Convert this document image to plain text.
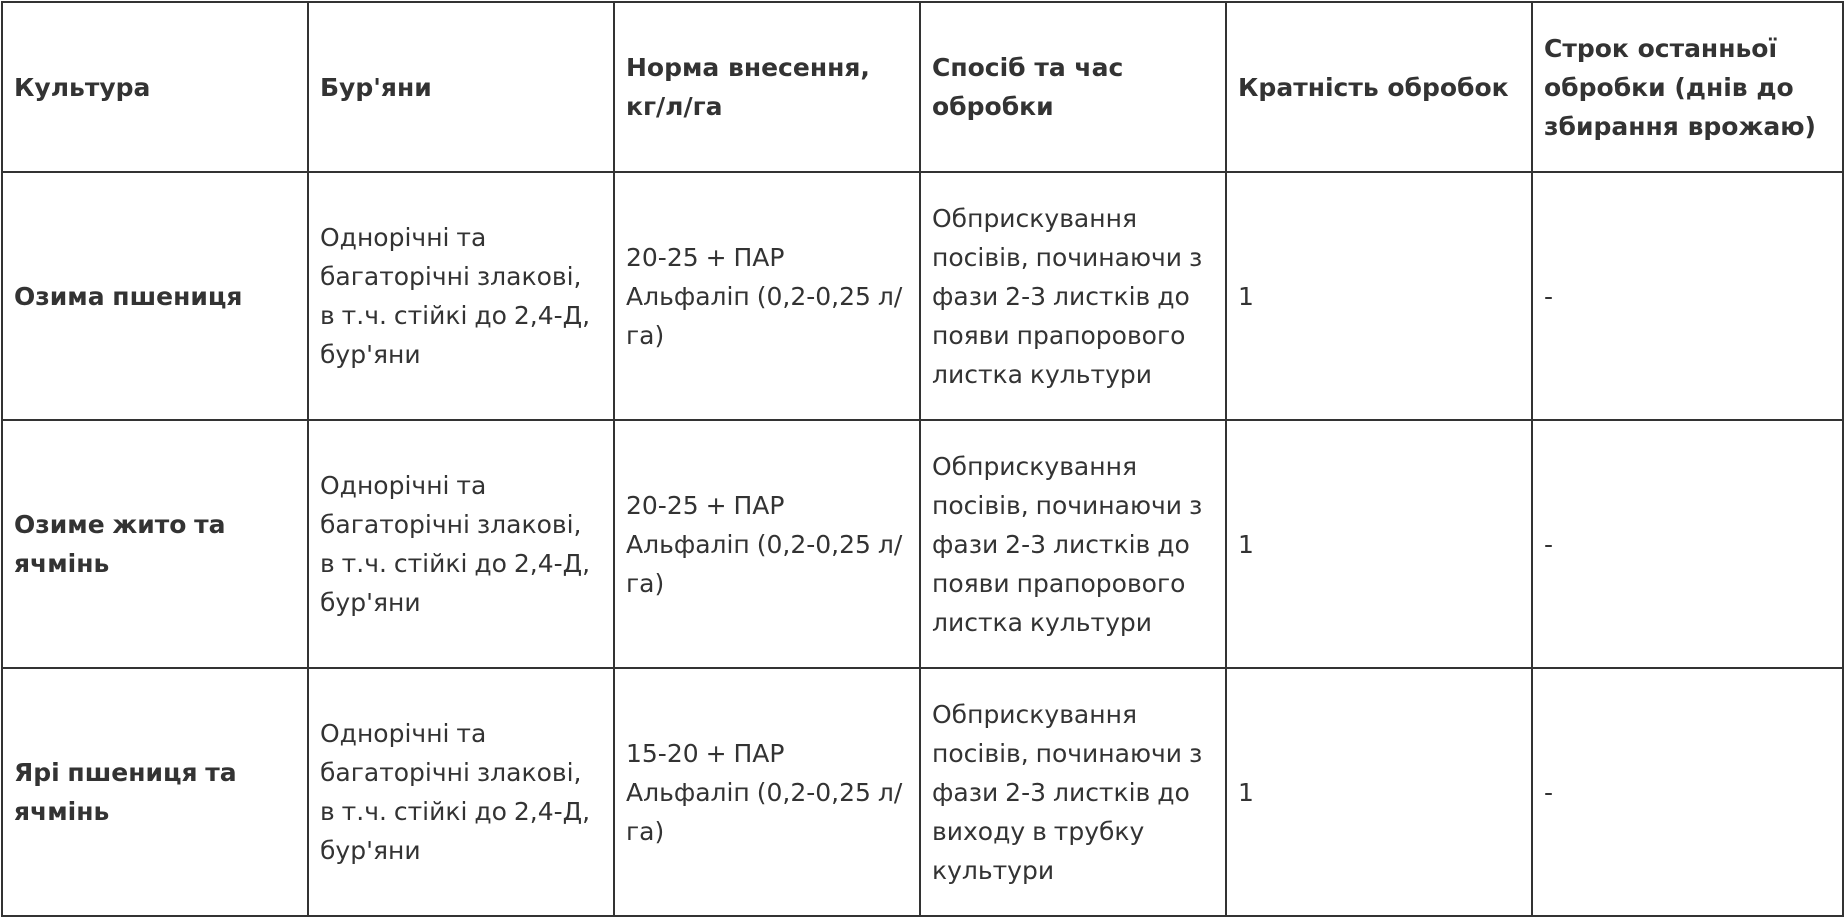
Культура	Бур'яни	Норма внесення, кг/л/га	Спосіб та час обробки	Кратність обробок	Строк останньої обробки (днів до збирання врожаю)
Озима пшениця	Однорічні та багаторічні злакові, в т.ч. стійкі до 2,4-Д, бур'яни	20-25 + ПАР Альфаліп (0,2-0,25 л/га)	Обприскування посівів, починаючи з фази 2-3 листків до появи прапорового листка культури	1	-
Озиме жито та ячмінь	Однорічні та багаторічні злакові, в т.ч. стійкі до 2,4-Д, бур'яни	20-25 + ПАР Альфаліп (0,2-0,25 л/га)	Обприскування посівів, починаючи з фази 2-3 листків до появи прапорового листка культури	1	-
Ярі пшениця та ячмінь	Однорічні та багаторічні злакові, в т.ч. стійкі до 2,4-Д, бур'яни	15-20 + ПАР Альфаліп (0,2-0,25 л/га)	Обприскування посівів, починаючи з фази 2-3 листків до виходу в трубку культури	1	-
